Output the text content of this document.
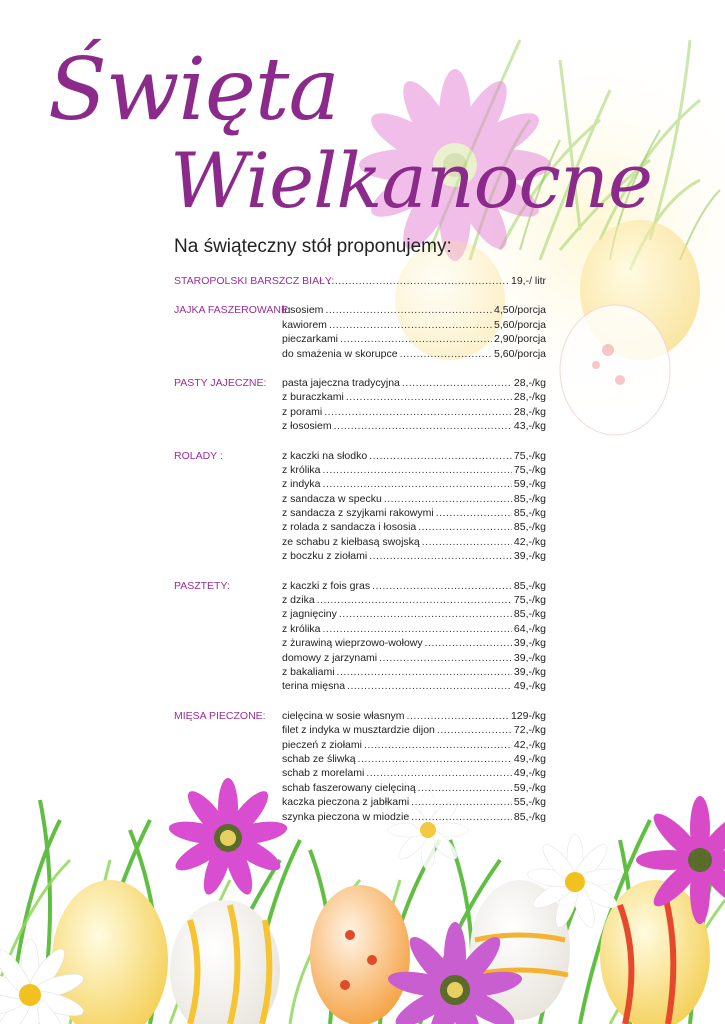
Święta
Wielkanocne
Na świąteczny stół proponujemy:
STAROPOLSKI BARSZCZ BIAŁY: .....	19,-/ litr
JAJKA FASZEROWANE:
łososiem .....	4,50/porcja
kawiorem .....	5,60/porcja
pieczarkami .....	2,90/porcja
do smażenia w skorupce .....	5,60/porcja
PASTY JAJECZNE: pasta jajeczna tradycyjna .....	28,-/kg
z buraczkami .....	28,-/kg
z porami .....	28,-/kg
z łososiem .....	43,-/kg
ROLADY :	z kaczki na słodko .....	75,-/kg
z królika .....	75,-/kg
z indyka .....	59,-/kg
z sandacza w specku .....	85,-/kg
z sandacza z szyjkami rakowymi .....	85,-/kg
z rolada z sandacza i łososia .....	85,-/kg
ze schabu z kiełbasą swojską .....	42,-/kg
z boczku z ziołami .....	39,-/kg
PASZTETY:	z kaczki z fois gras .....	85,-/kg
z dzika .....	75,-/kg
z jagnięciny .....	85,-/kg
z królika .....	64,-/kg
z żurawiną wieprzowo-wołowy .....	39,-/kg
domowy z jarzynami .....	39,-/kg
z bakaliami .....	39,-/kg
terina mięsna .....	49,-/kg
MIĘSA PIECZONE: cielęcina w sosie własnym .....	129-/kg
filet z indyka w musztardzie dijon .....	72,-/kg
pieczeń z ziołami .....	42,-/kg
schab ze śliwką .....	49,-/kg
schab z morelami .....	49,-/kg
schab faszerowany cielęciną .....	59,-/kg
kaczka pieczona z jabłkami .....	55,-/kg
szynka pieczona w miodzie .....	85,-/kg
